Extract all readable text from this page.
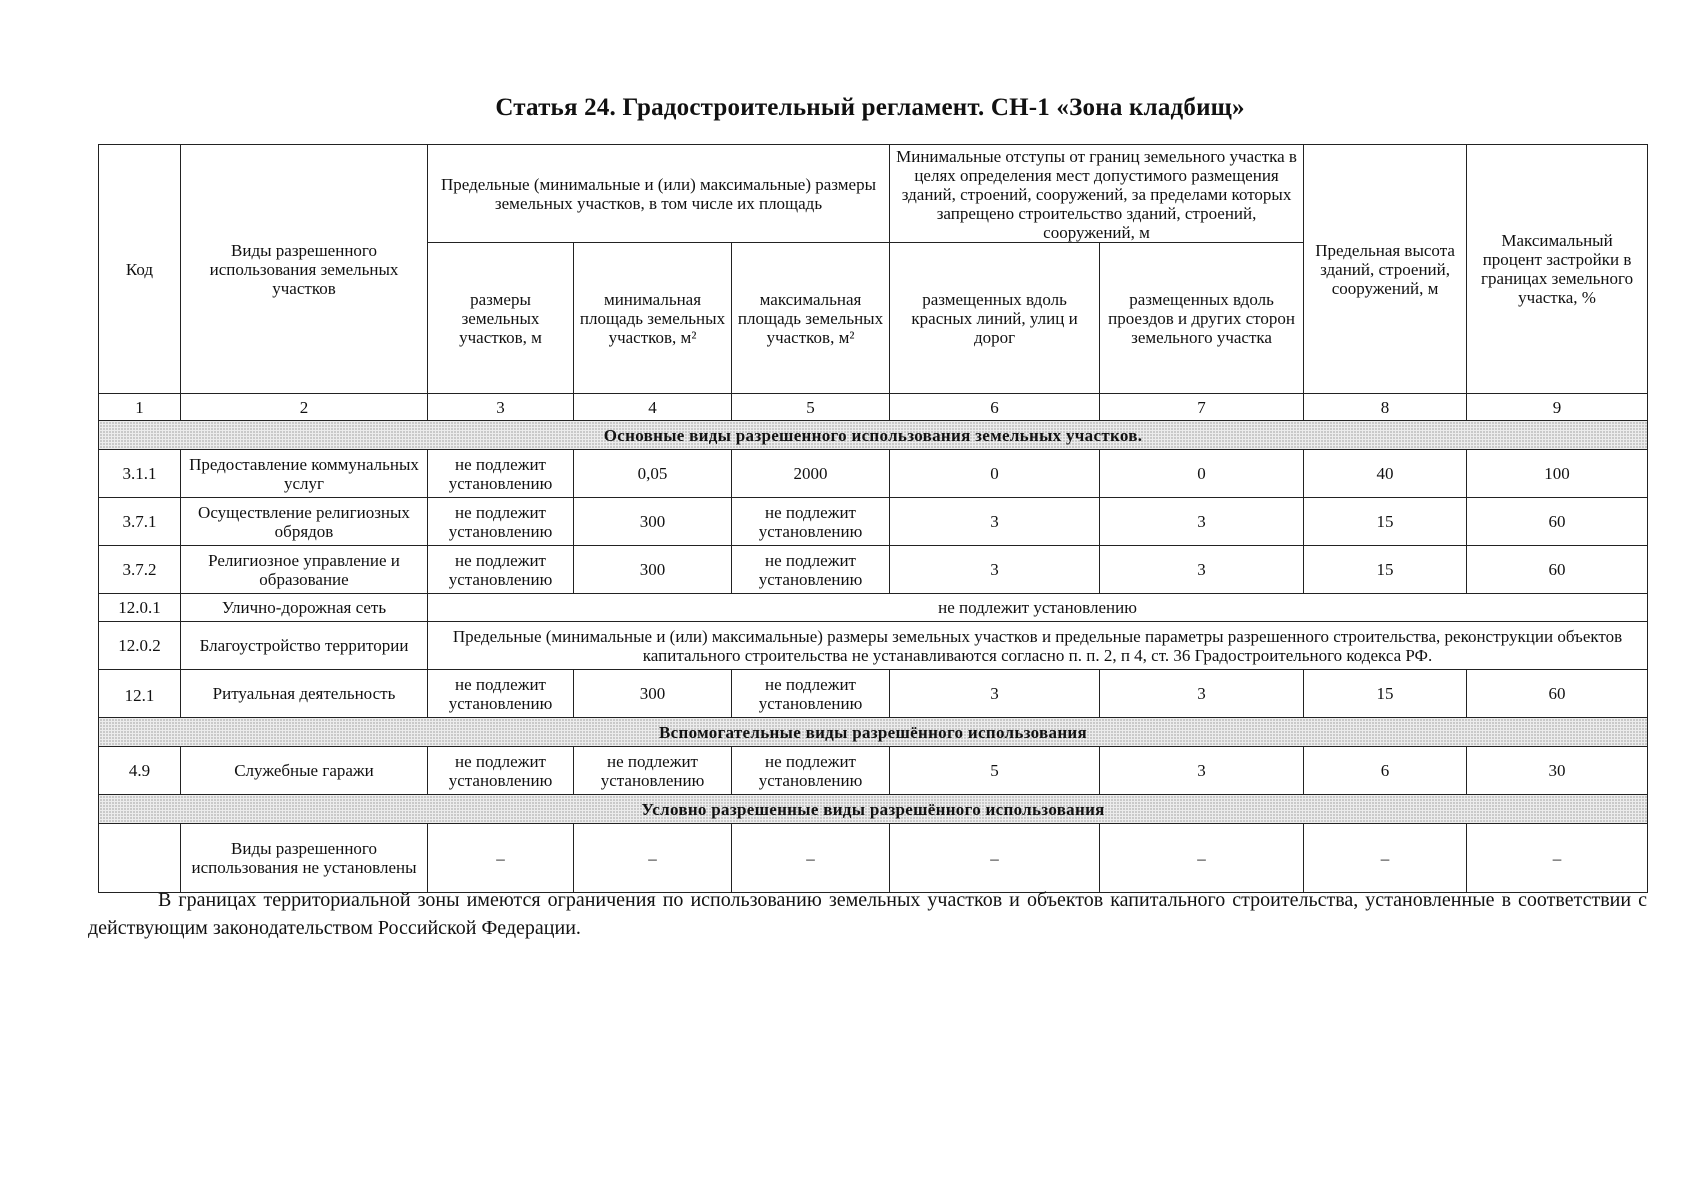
Статья 24. Градостроительный регламент. СН-1 «Зона кладбищ»
Код	Виды разрешенного использования земельных участков	Предельные (минимальные и (или) максимальные) размеры земельных участков, в том числе их площадь			Минимальные отступы от границ земельного участка в целях определения мест допустимого размещения зданий, строений, сооружений, за пределами которых запрещено строительство зданий, строений, сооружений, м		Предельная высота зданий, строений, сооружений, м	Максимальный процент застройки в границах земельного участка, %
		размеры земельных участков, м	минимальная площадь земельных участков, м²	максимальная площадь земельных участков, м²	размещенных вдоль красных линий, улиц и дорог	размещенных вдоль проездов и других сторон земельного участка		
1	2	3	4	5	6	7	8	9
Основные виды разрешенного использования земельных участков.								
3.1.1	Предоставление коммунальных услуг	не подлежит установлению	0,05	2000	0	0	40	100
3.7.1	Осуществление религиозных обрядов	не подлежит установлению	300	не подлежит установлению	3	3	15	60
3.7.2	Религиозное управление и образование	не подлежит установлению	300	не подлежит установлению	3	3	15	60
12.0.1	Улично-дорожная сеть	не подлежит установлению						
12.0.2	Благоустройство территории	Предельные (минимальные и (или) максимальные) размеры земельных участков и предельные параметры разрешенного строительства, реконструкции объектов капитального строительства не устанавливаются согласно п. п. 2, п 4, ст. 36 Градостроительного кодекса РФ.						
12.1	Ритуальная деятельность	не подлежит установлению	300	не подлежит установлению	3	3	15	60
Вспомогательные виды разрешённого использования								
4.9	Служебные гаражи	не подлежит установлению	не подлежит установлению	не подлежит установлению	5	3	6	30
Условно разрешенные виды разрешённого использования								
	Виды разрешенного использования не установлены	–	–	–	–	–	–	–

В границах территориальной зоны имеются ограничения по использованию земельных участков и объектов капитального строительства, установленные в соответствии с действующим законодательством Российской Федерации.
